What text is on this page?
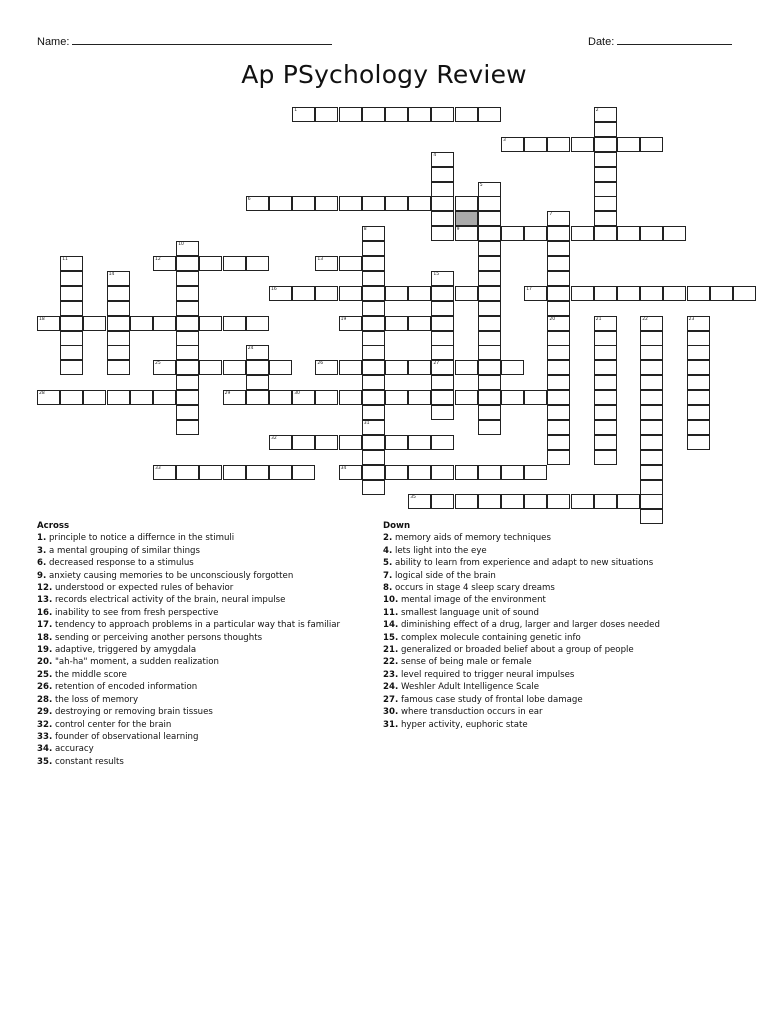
Name:	Date:
Ap PSychology Review
1	2
3
4
5
6
7
8	9
10
11	12	13
14	15
16	17
18	19	20	21	22	23
24
25	26	27
28	29	30
31
32
33	34
35
Across
1. principle to notice a differnce in the stimuli
3. a mental grouping of similar things
6. decreased response to a stimulus
9. anxiety causing memories to be unconsciously forgotten
12. understood or expected rules of behavior
13. records electrical activity of the brain, neural impulse
16. inability to see from fresh perspective
17. tendency to approach problems in a particular way that is familiar
18. sending or perceiving another persons thoughts
19. adaptive, triggered by amygdala
20. "ah-ha" moment, a sudden realization
25. the middle score
26. retention of encoded information
28. the loss of memory
29. destroying or removing brain tissues
32. control center for the brain
33. founder of observational learning
34. accuracy
35. constant results
Down
2. memory aids of memory techniques
4. lets light into the eye
5. ability to learn from experience and adapt to new situations
7. logical side of the brain
8. occurs in stage 4 sleep scary dreams
10. mental image of the environment
11. smallest language unit of sound
14. diminishing effect of a drug, larger and larger doses needed
15. complex molecule containing genetic info
21. generalized or broaded belief about a group of people
22. sense of being male or female
23. level required to trigger neural impulses
24. Weshler Adult Intelligence Scale
27. famous case study of frontal lobe damage
30. where transduction occurs in ear
31. hyper activity, euphoric state
